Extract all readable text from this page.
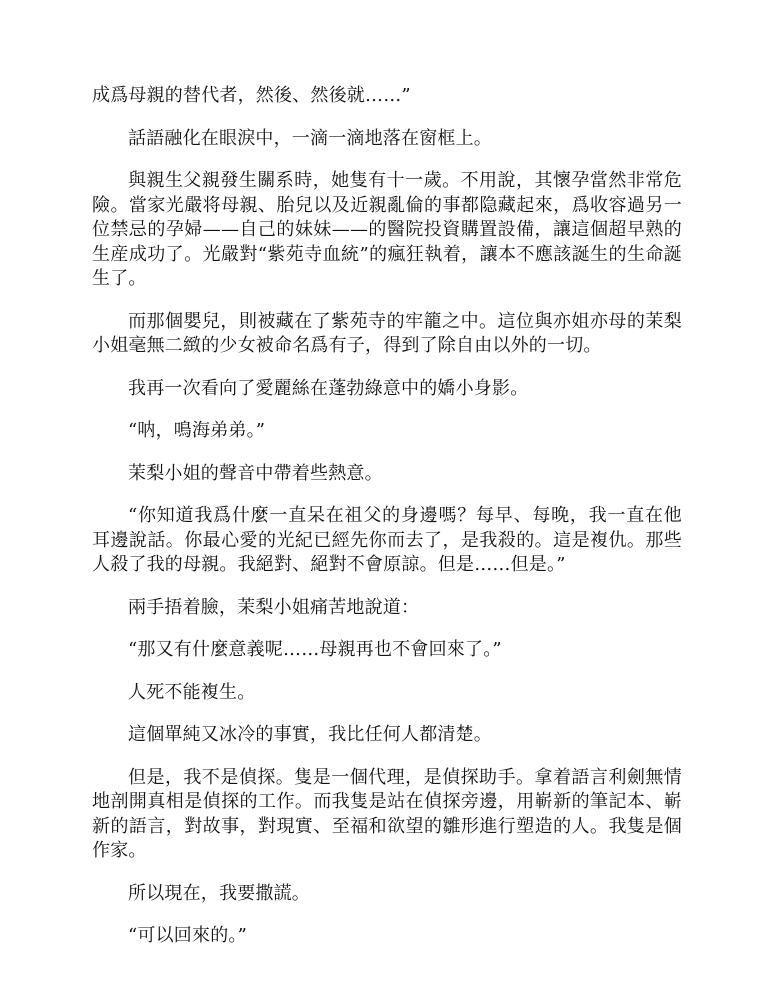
成爲母親的替代者，然後、然後就……”

話語融化在眼淚中，一滴一滴地落在窗框上。

與親生父親發生關系時，她隻有十一歲。不用說，其懷孕當然非常危險。當家光嚴将母親、胎兒以及近親亂倫的事都隐藏起來，爲收容過另一位禁忌的孕婦——自己的妹妹——的醫院投資購置設備，讓這個超早熟的生産成功了。光嚴對“紫苑寺血統”的瘋狂執着，讓本不應該誕生的生命誕生了。

而那個嬰兒，則被藏在了紫苑寺的牢籠之中。這位與亦姐亦母的茉梨小姐毫無二緻的少女被命名爲有子，得到了除自由以外的一切。

我再一次看向了愛麗絲在蓬勃綠意中的嬌小身影。

“呐，鳴海弟弟。”

茉梨小姐的聲音中帶着些熱意。

“你知道我爲什麼一直呆在祖父的身邊嗎？每早、每晚，我一直在他耳邊說話。你最心愛的光紀已經先你而去了，是我殺的。這是複仇。那些人殺了我的母親。我絕對、絕對不會原諒。但是……但是。”

兩手捂着臉，茉梨小姐痛苦地說道：

“那又有什麼意義呢……母親再也不會回來了。”

人死不能複生。

這個單純又冰冷的事實，我比任何人都清楚。

但是，我不是偵探。隻是一個代理，是偵探助手。拿着語言利劍無情地剖開真相是偵探的工作。而我隻是站在偵探旁邊，用嶄新的筆記本、嶄新的語言，對故事，對現實、至福和欲望的雛形進行塑造的人。我隻是個作家。

所以現在，我要撒謊。

“可以回來的。”
